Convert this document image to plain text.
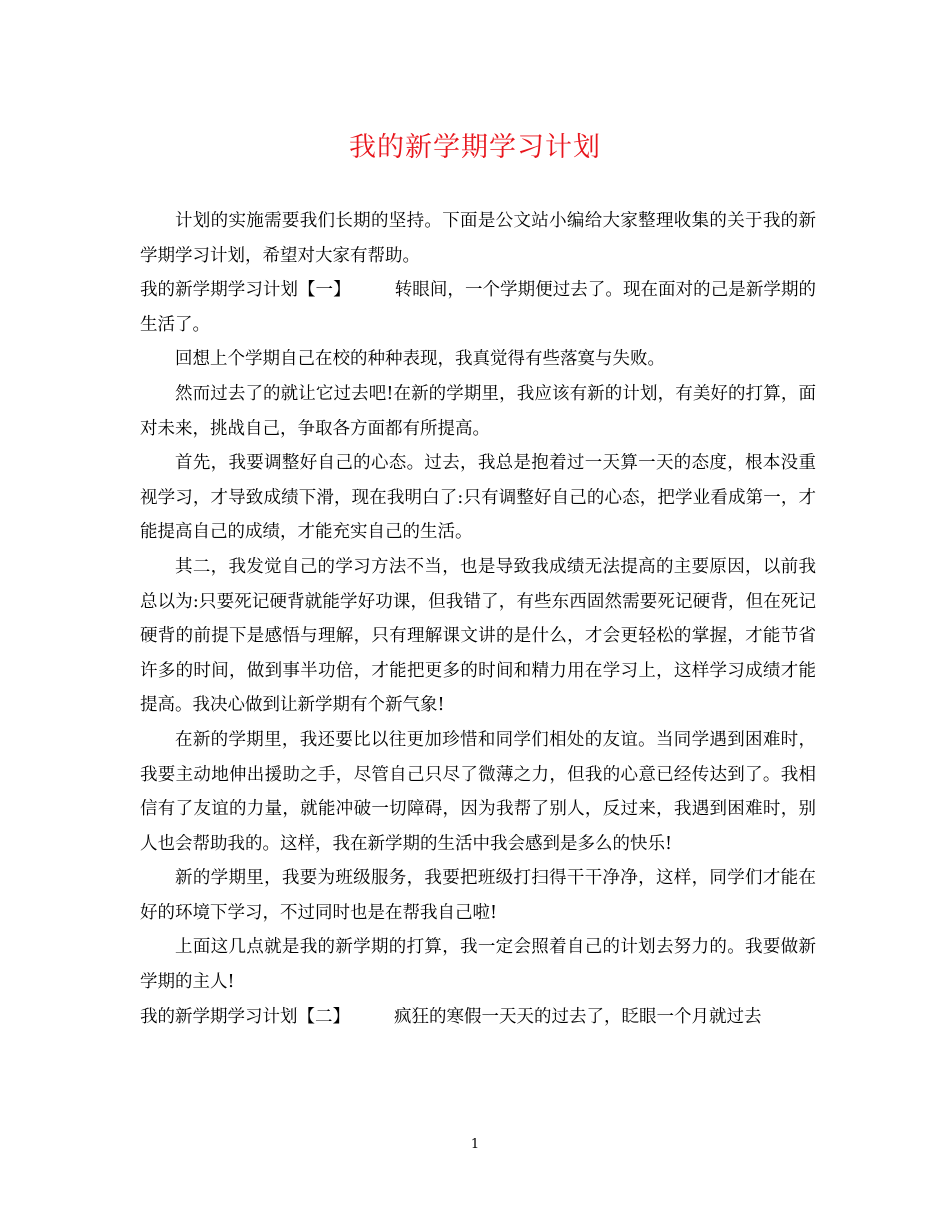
我的新学期学习计划

计划的实施需要我们长期的坚持。下面是公文站小编给大家整理收集的关于我的新学期学习计划，希望对大家有帮助。

我的新学期学习计划【一】	转眼间，一个学期便过去了。现在面对的己是新学期的生活了。

回想上个学期自己在校的种种表现，我真觉得有些落寞与失败。

然而过去了的就让它过去吧!在新的学期里，我应该有新的计划，有美好的打算，面对未来，挑战自己，争取各方面都有所提高。

首先，我要调整好自己的心态。过去，我总是抱着过一天算一天的态度，根本没重视学习，才导致成绩下滑，现在我明白了:只有调整好自己的心态，把学业看成第一，才能提高自己的成绩，才能充实自己的生活。

其二，我发觉自己的学习方法不当，也是导致我成绩无法提高的主要原因，以前我总以为:只要死记硬背就能学好功课，但我错了，有些东西固然需要死记硬背，但在死记硬背的前提下是感悟与理解，只有理解课文讲的是什么，才会更轻松的掌握，才能节省许多的时间，做到事半功倍，才能把更多的时间和精力用在学习上，这样学习成绩才能提高。我决心做到让新学期有个新气象!

在新的学期里，我还要比以往更加珍惜和同学们相处的友谊。当同学遇到困难时，我要主动地伸出援助之手，尽管自己只尽了微薄之力，但我的心意已经传达到了。我相信有了友谊的力量，就能冲破一切障碍，因为我帮了别人，反过来，我遇到困难时，别人也会帮助我的。这样，我在新学期的生活中我会感到是多么的快乐!

新的学期里，我要为班级服务，我要把班级打扫得干干净净，这样，同学们才能在好的环境下学习，不过同时也是在帮我自己啦!

上面这几点就是我的新学期的打算，我一定会照着自己的计划去努力的。我要做新学期的主人!

我的新学期学习计划【二】	疯狂的寒假一天天的过去了，眨眼一个月就过去

1
